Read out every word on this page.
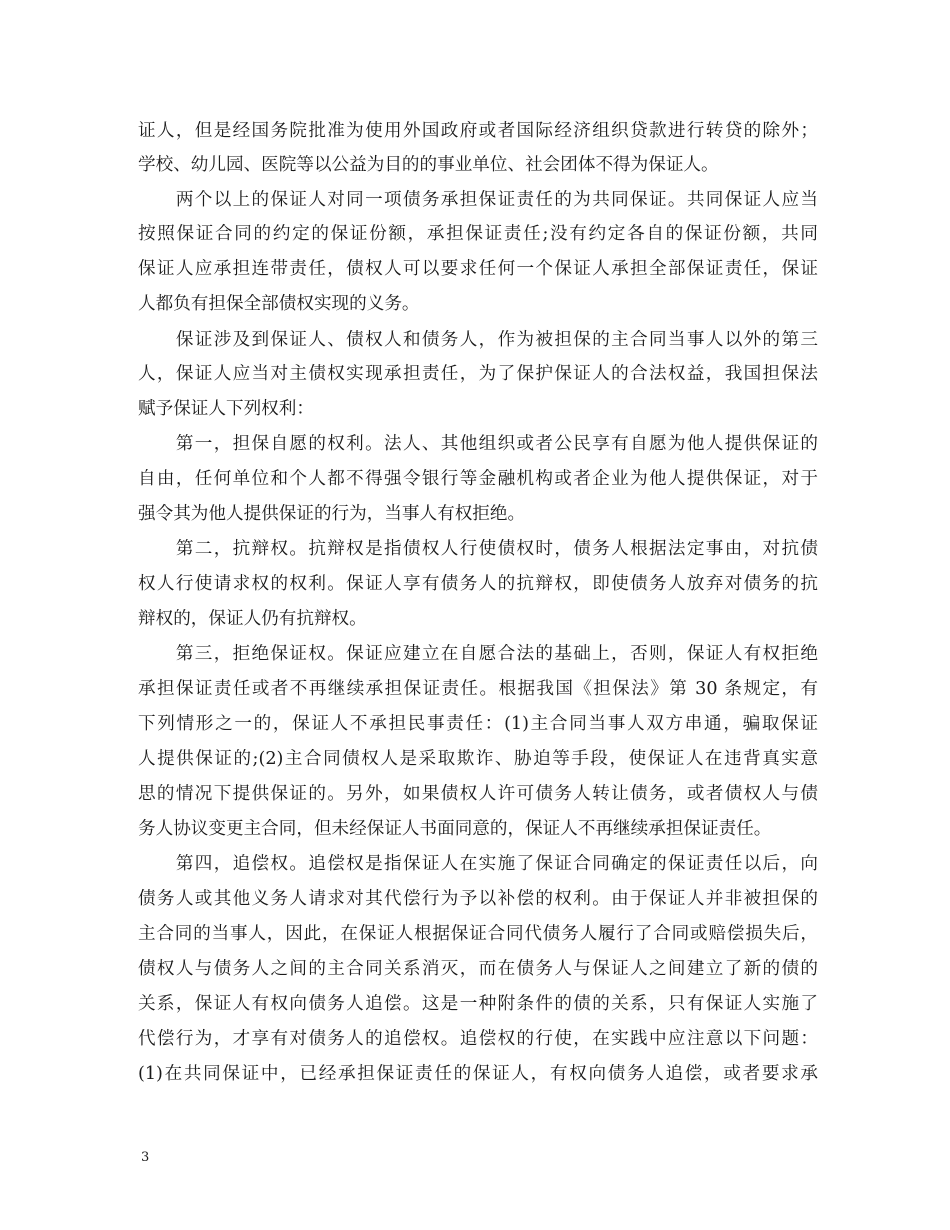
证人，但是经国务院批准为使用外国政府或者国际经济组织贷款进行转贷的除外；
学校、幼儿园、医院等以公益为目的的事业单位、社会团体不得为保证人。
　　两个以上的保证人对同一项债务承担保证责任的为共同保证。共同保证人应当
按照保证合同的约定的保证份额，承担保证责任;没有约定各自的保证份额，共同
保证人应承担连带责任，债权人可以要求任何一个保证人承担全部保证责任，保证
人都负有担保全部债权实现的义务。
　　保证涉及到保证人、债权人和债务人，作为被担保的主合同当事人以外的第三
人，保证人应当对主债权实现承担责任，为了保护保证人的合法权益，我国担保法
赋予保证人下列权利：
　　第一，担保自愿的权利。法人、其他组织或者公民享有自愿为他人提供保证的
自由，任何单位和个人都不得强令银行等金融机构或者企业为他人提供保证，对于
强令其为他人提供保证的行为，当事人有权拒绝。
　　第二，抗辩权。抗辩权是指债权人行使债权时，债务人根据法定事由，对抗债
权人行使请求权的权利。保证人享有债务人的抗辩权，即使债务人放弃对债务的抗
辩权的，保证人仍有抗辩权。
　　第三，拒绝保证权。保证应建立在自愿合法的基础上，否则，保证人有权拒绝
承担保证责任或者不再继续承担保证责任。根据我国《担保法》第 30 条规定，有
下列情形之一的，保证人不承担民事责任：(1)主合同当事人双方串通，骗取保证
人提供保证的;(2)主合同债权人是采取欺诈、胁迫等手段，使保证人在违背真实意
思的情况下提供保证的。另外，如果债权人许可债务人转让债务，或者债权人与债
务人协议变更主合同，但未经保证人书面同意的，保证人不再继续承担保证责任。
　　第四，追偿权。追偿权是指保证人在实施了保证合同确定的保证责任以后，向
债务人或其他义务人请求对其代偿行为予以补偿的权利。由于保证人并非被担保的
主合同的当事人，因此，在保证人根据保证合同代债务人履行了合同或赔偿损失后，
债权人与债务人之间的主合同关系消灭，而在债务人与保证人之间建立了新的债的
关系，保证人有权向债务人追偿。这是一种附条件的债的关系，只有保证人实施了
代偿行为，才享有对债务人的追偿权。追偿权的行使，在实践中应注意以下问题：
(1)在共同保证中，已经承担保证责任的保证人，有权向债务人追偿，或者要求承
3
